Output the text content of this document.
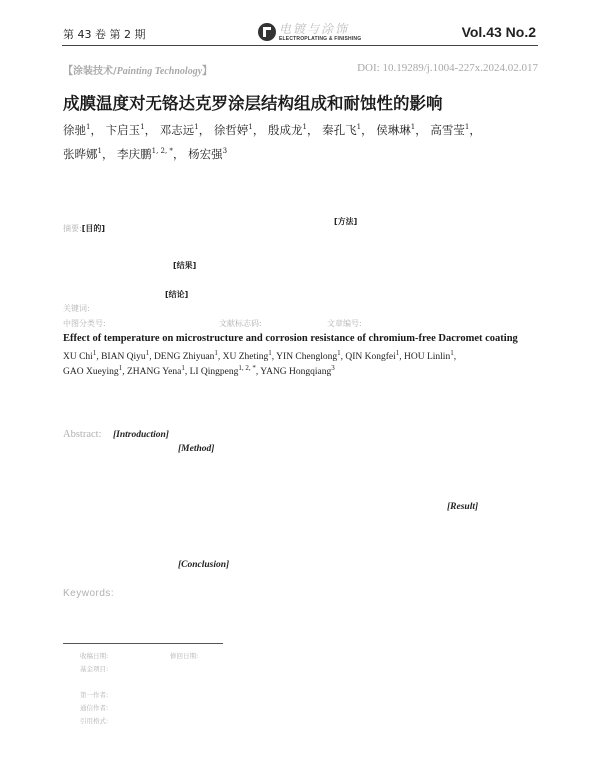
第 43 卷 第 2 期	电镀与涂饰
ELECTROPLATING & FINISHING	Vol.43 No.2
【涂装技术/Painting Technology】	DOI: 10.19289/j.1004-227x.2024.02.017
成膜温度对无铬达克罗涂层结构组成和耐蚀性的影响
徐驰$^1$， 卞启玉$^1$， 邓志远$^1$， 徐哲婷$^1$， 殷成龙$^1$， 秦孔飞$^1$， 侯琳琳$^1$， 高雪莹$^1$，
张晔娜$^1$， 李庆鹏$^{1, 2, *}$， 杨宏强$^3$
摘要:[目的]
[方法]
[结果]
[结论]
关键词:
中图分类号:	文献标志码:	文章编号:
Effect of temperature on microstructure and corrosion resistance of chromium-free Dacromet coating
XU Chi$^1$, BIAN Qiyu$^1$, DENG Zhiyuan$^1$, XU Zheting$^1$, YIN Chenglong$^1$, QIN Kongfei$^1$, HOU Linlin$^1$,
GAO Xueying$^1$, ZHANG Yena$^1$, LI Qingpeng$^{1, 2, *}$, YANG Hongqiang$^3$
Abstract: [Introduction]
[Method]
[Result]
[Conclusion]
Keywords:
收稿日期:	修回日期:
基金项目:
第一作者:
通信作者:
引用格式:
